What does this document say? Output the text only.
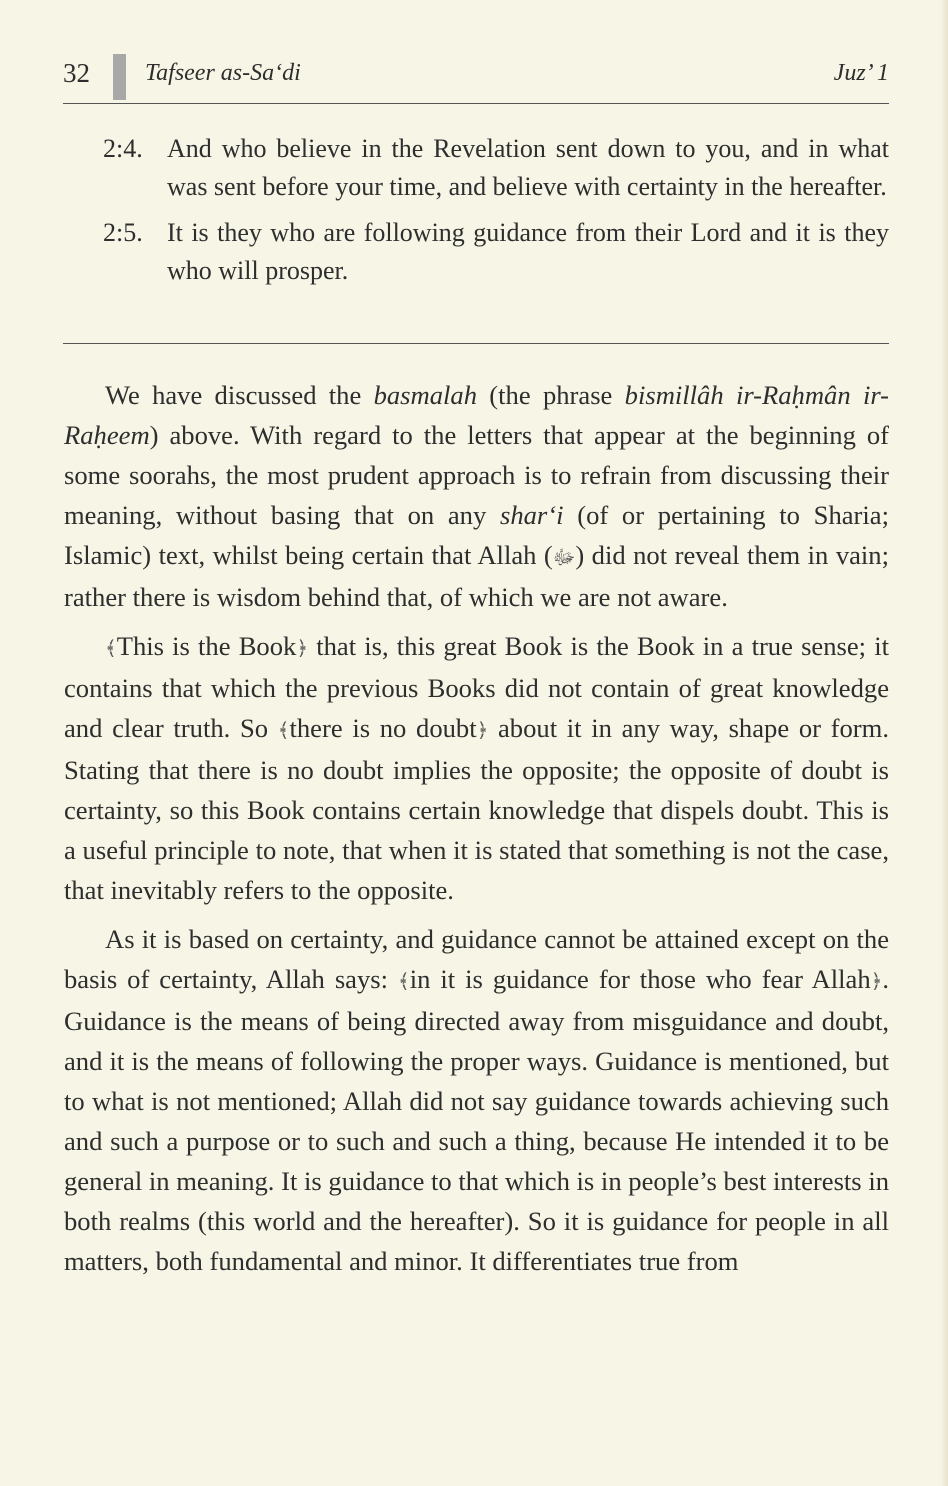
32 Tafseer as-Sa‘di	Juz’ 1
2:4. And who believe in the Revelation sent down to you, and in what was sent before your time, and believe with certainty in the hereafter.
2:5. It is they who are following guidance from their Lord and it is they who will prosper.

We have discussed the basmalah (the phrase bismillâh ir-Raḥmân ir-Raḥeem) above. With regard to the letters that appear at the beginning of some soorahs, the most prudent approach is to refrain from discussing their meaning, without basing that on any shar‘i (of or pertaining to Sharia; Islamic) text, whilst being certain that Allah (ﷻ) did not reveal them in vain; rather there is wisdom behind that, of which we are not aware.

﴾This is the Book﴿ that is, this great Book is the Book in a true sense; it contains that which the previous Books did not contain of great knowledge and clear truth. So ﴾there is no doubt﴿ about it in any way, shape or form. Stating that there is no doubt implies the opposite; the opposite of doubt is certainty, so this Book contains certain knowledge that dispels doubt. This is a useful principle to note, that when it is stated that something is not the case, that inevitably refers to the opposite.

As it is based on certainty, and guidance cannot be attained except on the basis of certainty, Allah says: ﴾in it is guidance for those who fear Allah﴿. Guidance is the means of being directed away from misguidance and doubt, and it is the means of following the proper ways. Guidance is mentioned, but to what is not mentioned; Allah did not say guidance towards achieving such and such a purpose or to such and such a thing, because He intended it to be general in meaning. It is guidance to that which is in people’s best interests in both realms (this world and the hereafter). So it is guidance for people in all matters, both fundamental and minor. It differentiates true from
